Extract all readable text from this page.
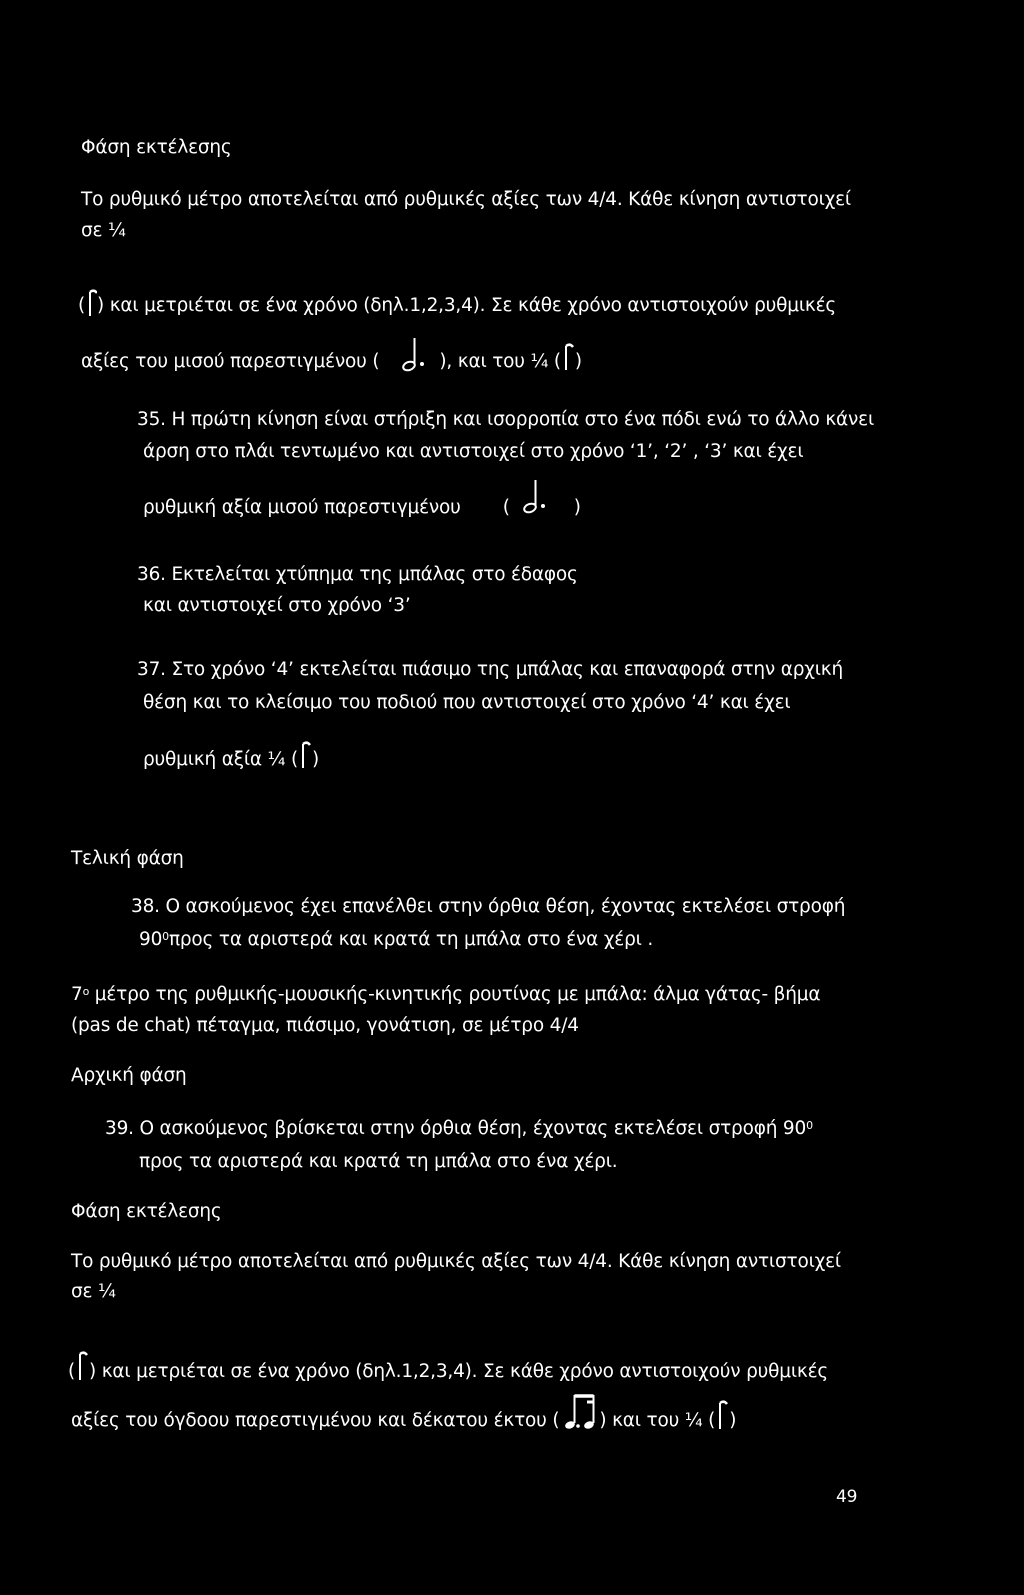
Φάση εκτέλεσης
Το ρυθμικό μέτρο αποτελείται από ρυθμικές αξίες των 4/4. Κάθε κίνηση αντιστοιχεί
σε ¼
( ) και μετριέται σε ένα χρόνο (δηλ.1,2,3,4). Σε κάθε χρόνο αντιστοιχούν ρυθμικές
αξίες του μισού παρεστιγμένου (	), και του ¼ ( )
35. Η πρώτη κίνηση είναι στήριξη και ισορροπία στο ένα πόδι ενώ το άλλο κάνει
άρση στο πλάι τεντωμένο και αντιστοιχεί στο χρόνο ‘1’, ‘2’ , ‘3’ και έχει
ρυθμική αξία μισού παρεστιγμένου (	)
36. Εκτελείται χτύπημα της μπάλας στο έδαφος
και αντιστοιχεί στο χρόνο ‘3’
37. Στο χρόνο ‘4’ εκτελείται πιάσιμο της μπάλας και επαναφορά στην αρχική
θέση και το κλείσιμο του ποδιού που αντιστοιχεί στο χρόνο ‘4’ και έχει
ρυθμική αξία ¼ ( )
Τελική φάση
38. Ο ασκούμενος έχει επανέλθει στην όρθια θέση, έχοντας εκτελέσει στροφή
$90^0\pi\rho o\varsigma$ τα αριστερά και κρατά τη μπάλα στο ένα χέρι .
$7^o$ μέτρο της ρυθμικής-μουσικής-κινητικής ρουτίνας με μπάλα: άλμα γάτας- βήμα
(pas de chat) πέταγμα, πιάσιμο, γονάτιση, σε μέτρο 4/4
Αρχική φάση
39. Ο ασκούμενος βρίσκεται στην όρθια θέση, έχοντας εκτελέσει στροφή $90^0$
προς τα αριστερά και κρατά τη μπάλα στο ένα χέρι.
Φάση εκτέλεσης
Το ρυθμικό μέτρο αποτελείται από ρυθμικές αξίες των 4/4. Κάθε κίνηση αντιστοιχεί
σε ¼
( ) και μετριέται σε ένα χρόνο (δηλ.1,2,3,4). Σε κάθε χρόνο αντιστοιχούν ρυθμικές
αξίες του όγδοου παρεστιγμένου και δέκατου έκτου ( ) και του ¼ ( )
49
